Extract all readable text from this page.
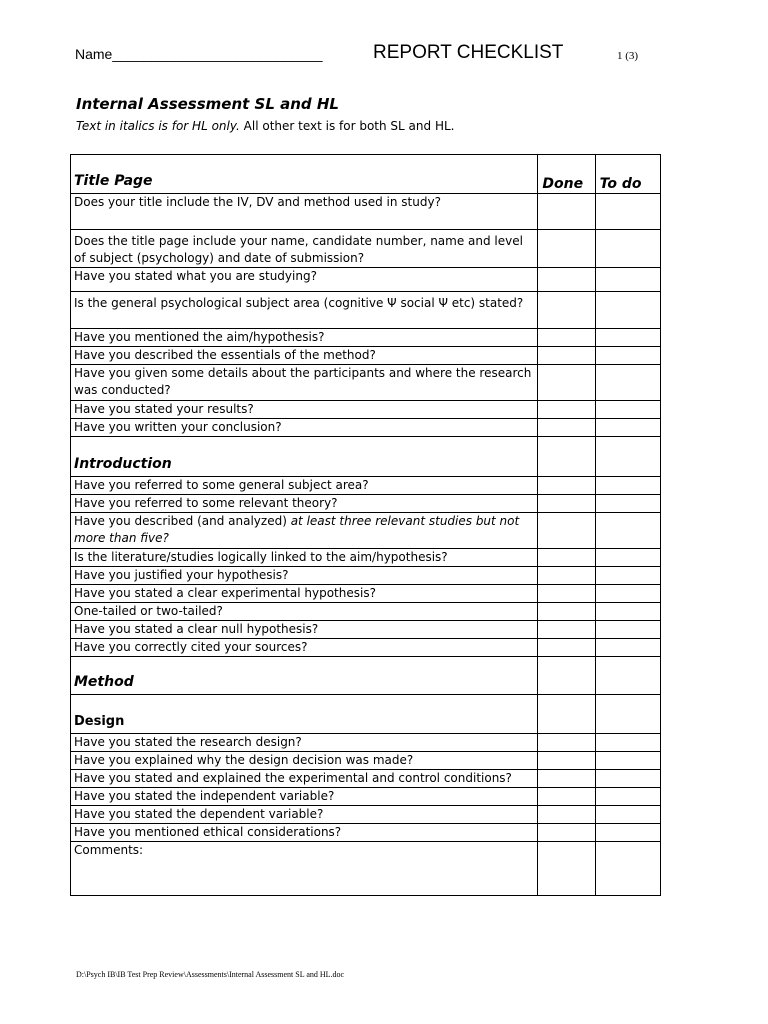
Name___________________________	REPORT CHECKLIST	1 (3)
Internal Assessment SL and HL
Text in italics is for HL only. All other text is for both SL and HL.
Title Page	Done	To do
Does your title include the IV, DV and method used in study?		
Does the title page include your name, candidate number, name and level of subject (psychology) and date of submission?		
Have you stated what you are studying?		
Is the general psychological subject area (cognitive Ψ social Ψ etc) stated?		
Have you mentioned the aim/hypothesis?		
Have you described the essentials of the method?		
Have you given some details about the participants and where the research was conducted?		
Have you stated your results?		
Have you written your conclusion?		
Introduction		
Have you referred to some general subject area?		
Have you referred to some relevant theory?		
Have you described (and analyzed) at least three relevant studies but not more than five?		
Is the literature/studies logically linked to the aim/hypothesis?		
Have you justified your hypothesis?		
Have you stated a clear experimental hypothesis?		
One-tailed or two-tailed?		
Have you stated a clear null hypothesis?		
Have you correctly cited your sources?		
Method		
Design		
Have you stated the research design?		
Have you explained why the design decision was made?		
Have you stated and explained the experimental and control conditions?		
Have you stated the independent variable?		
Have you stated the dependent variable?		
Have you mentioned ethical considerations?		
Comments:		
D:\Psych IB\IB Test Prep Review\Assessments\Internal Assessment SL and HL.doc
